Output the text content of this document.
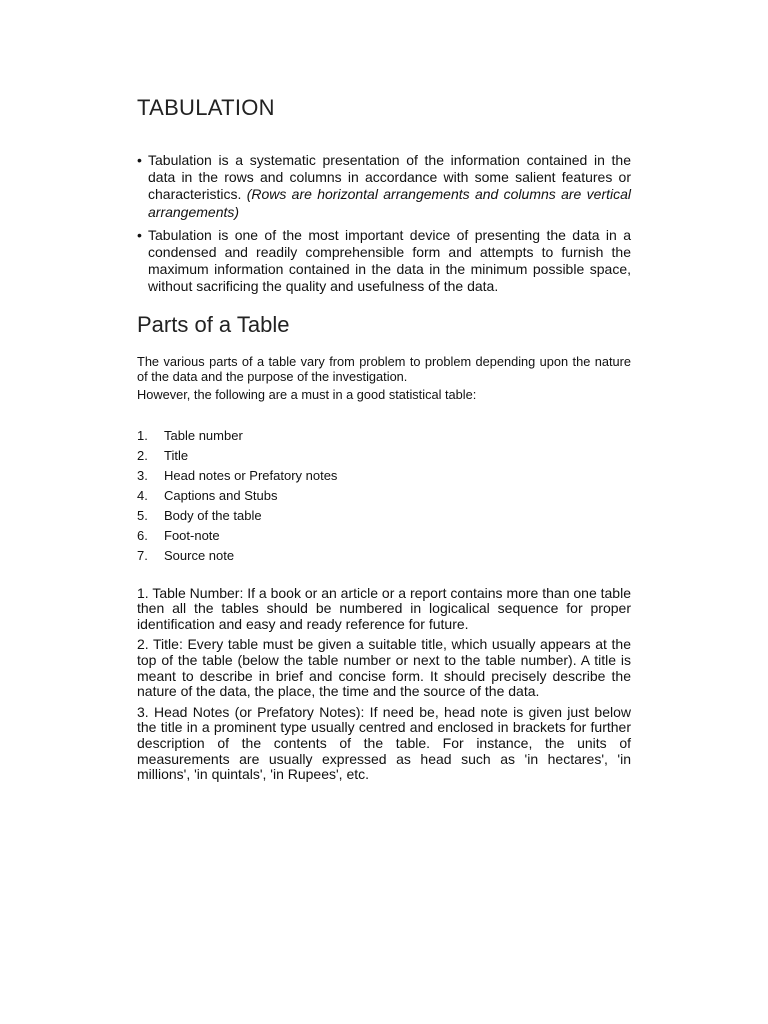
TABULATION
• Tabulation is a systematic presentation of the information contained in the data in the rows and columns in accordance with some salient features or characteristics. (Rows are horizontal arrangements and columns are vertical arrangements)
• Tabulation is one of the most important device of presenting the data in a condensed and readily comprehensible form and attempts to furnish the maximum information contained in the data in the minimum possible space, without sacrificing the quality and usefulness of the data.
Parts of a Table

The various parts of a table vary from problem to problem depending upon the nature of the data and the purpose of the investigation.

However, the following are a must in a good statistical table:

1. Table number
2. Title
3. Head notes or Prefatory notes
4. Captions and Stubs
5. Body of the table
6. Foot-note
7. Source note

1. Table Number: If a book or an article or a report contains more than one table then all the tables should be numbered in logicalical sequence for proper identification and easy and ready reference for future.

2. Title: Every table must be given a suitable title, which usually appears at the top of the table (below the table number or next to the table number). A title is meant to describe in brief and concise form. It should precisely describe the nature of the data, the place, the time and the source of the data.

3. Head Notes (or Prefatory Notes): If need be, head note is given just below the title in a prominent type usually centred and enclosed in brackets for further description of the contents of the table. For instance, the units of measurements are usually expressed as head such as 'in hectares', 'in millions', 'in quintals', 'in Rupees', etc.
